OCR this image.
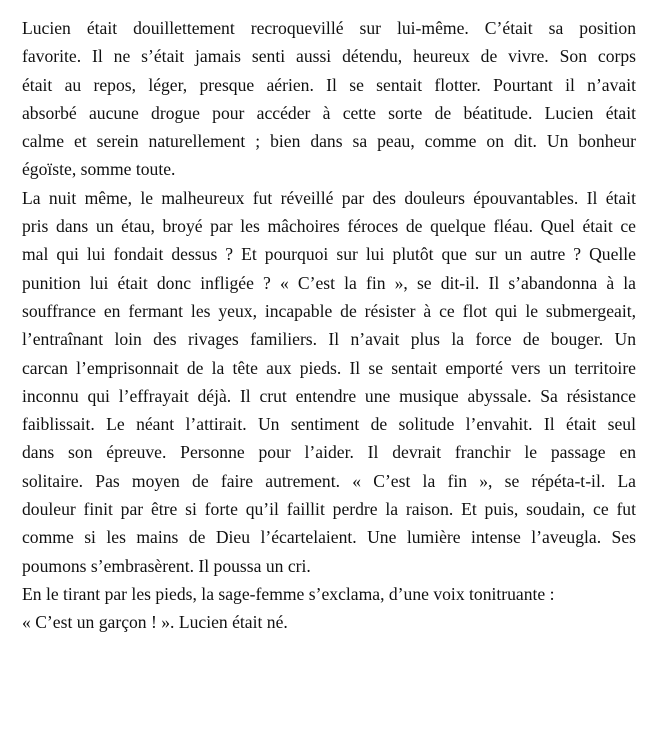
Lucien était douillettement recroquevillé sur lui-même. C’était sa position
favorite. Il ne s’était jamais senti aussi détendu, heureux de vivre. Son corps
était au repos, léger, presque aérien. Il se sentait flotter. Pourtant il n’avait
absorbé aucune drogue pour accéder à cette sorte de béatitude. Lucien était
calme et serein naturellement ; bien dans sa peau, comme on dit. Un bonheur
égoïste, somme toute.
La nuit même, le malheureux fut réveillé par des douleurs épouvantables. Il était
pris dans un étau, broyé par les mâchoires féroces de quelque fléau. Quel était ce
mal qui lui fondait dessus ? Et pourquoi sur lui plutôt que sur un autre ? Quelle
punition lui était donc infligée ? « C’est la fin », se dit-il. Il s’abandonna à la
souffrance en fermant les yeux, incapable de résister à ce flot qui le submergeait,
l’entraînant loin des rivages familiers. Il n’avait plus la force de bouger. Un
carcan l’emprisonnait de la tête aux pieds. Il se sentait emporté vers un territoire
inconnu qui l’effrayait déjà. Il crut entendre une musique abyssale. Sa résistance
faiblissait. Le néant l’attirait. Un sentiment de solitude l’envahit. Il était seul
dans son épreuve. Personne pour l’aider. Il devrait franchir le passage en
solitaire. Pas moyen de faire autrement. « C’est la fin », se répéta-t-il. La
douleur finit par être si forte qu’il faillit perdre la raison. Et puis, soudain, ce fut
comme si les mains de Dieu l’écartelaient. Une lumière intense l’aveugla. Ses
poumons s’embrasèrent. Il poussa un cri.
En le tirant par les pieds, la sage-femme s’exclama, d’une voix tonitruante :
« C’est un garçon ! ». Lucien était né.
